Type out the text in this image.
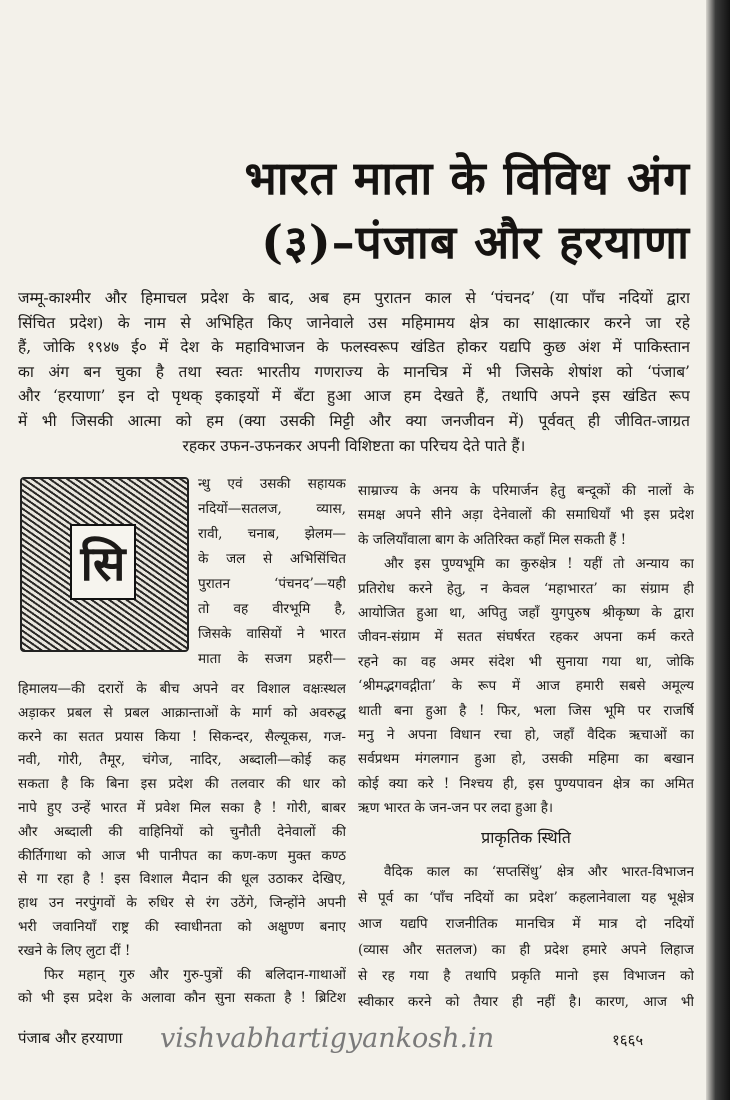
भारत माता के विविध अंग
(३)–पंजाब और हरयाणा
जम्मू-काश्मीर और हिमाचल प्रदेश के बाद, अब हम पुरातन काल से ‘पंचनद’ (या पाँच नदियों द्वारा
सिंचित प्रदेश) के नाम से अभिहित किए जानेवाले उस महिमामय क्षेत्र का साक्षात्कार करने जा रहे
हैं, जोकि १९४७ ई० में देश के महाविभाजन के फलस्वरूप खंडित होकर यद्यपि कुछ अंश में पाकिस्तान
का अंग बन चुका है तथा स्वतः भारतीय गणराज्य के मानचित्र में भी जिसके शेषांश को ‘पंजाब’
और ‘हरयाणा’ इन दो पृथक् इकाइयों में बँटा हुआ आज हम देखते हैं, तथापि अपने इस खंडित रूप
में भी जिसकी आत्मा को हम (क्या उसकी मिट्टी और क्या जनजीवन में) पूर्ववत् ही जीवित-जाग्रत
रहकर उफन-उफनकर अपनी विशिष्टता का परिचय देते पाते हैं।
सि
न्धु एवं उसकी सहायक
नदियों—सतलज, व्यास,
रावी, चनाब, झेलम—
के जल से अभिसिंचित
पुरातन ‘पंचनद’—यही
तो वह वीरभूमि है,
जिसके वासियों ने भारत
माता के सजग प्रहरी—
हिमालय—की दरारों के बीच अपने वर विशाल वक्षःस्थल
अड़ाकर प्रबल से प्रबल आक्रान्ताओं के मार्ग को अवरुद्ध
करने का सतत प्रयास किया ! सिकन्दर, सैल्यूकस, गज-
नवी, गोरी, तैमूर, चंगेज, नादिर, अब्दाली—कोई कह
सकता है कि बिना इस प्रदेश की तलवार की धार को
नापे हुए उन्हें भारत में प्रवेश मिल सका है ! गोरी, बाबर
और अब्दाली की वाहिनियों को चुनौती देनेवालों की
कीर्तिगाथा को आज भी पानीपत का कण-कण मुक्त कण्ठ
से गा रहा है ! इस विशाल मैदान की धूल उठाकर देखिए,
हाथ उन नरपुंगवों के रुधिर से रंग उठेंगे, जिन्होंने अपनी
भरी जवानियाँ राष्ट्र की स्वाधीनता को अक्षुण्ण बनाए
रखने के लिए लुटा दीं !
फिर महान् गुरु और गुरु-पुत्रों की बलिदान-गाथाओं
को भी इस प्रदेश के अलावा कौन सुना सकता है ! ब्रिटिश
साम्राज्य के अनय के परिमार्जन हेतु बन्दूकों की नालों के
समक्ष अपने सीने अड़ा देनेवालों की समाधियाँ भी इस प्रदेश
के जलियाँवाला बाग के अतिरिक्त कहाँ मिल सकती हैं !
और इस पुण्यभूमि का कुरुक्षेत्र ! यहीं तो अन्याय का
प्रतिरोध करने हेतु, न केवल ‘महाभारत’ का संग्राम ही
आयोजित हुआ था, अपितु जहाँ युगपुरुष श्रीकृष्ण के द्वारा
जीवन-संग्राम में सतत संघर्षरत रहकर अपना कर्म करते
रहने का वह अमर संदेश भी सुनाया गया था, जोकि
‘श्रीमद्भगवद्गीता’ के रूप में आज हमारी सबसे अमूल्य
थाती बना हुआ है ! फिर, भला जिस भूमि पर राजर्षि
मनु ने अपना विधान रचा हो, जहाँ वैदिक ऋचाओं का
सर्वप्रथम मंगलगान हुआ हो, उसकी महिमा का बखान
कोई क्या करे ! निश्चय ही, इस पुण्यपावन क्षेत्र का अमित
ऋण भारत के जन-जन पर लदा हुआ है।
प्राकृतिक स्थिति
वैदिक काल का ‘सप्तसिंधु’ क्षेत्र और भारत-विभाजन
से पूर्व का ‘पाँच नदियों का प्रदेश’ कहलानेवाला यह भूक्षेत्र
आज यद्यपि राजनीतिक मानचित्र में मात्र दो नदियों
(व्यास और सतलज) का ही प्रदेश हमारे अपने लिहाज
से रह गया है तथापि प्रकृति मानो इस विभाजन को
स्वीकार करने को तैयार ही नहीं है। कारण, आज भी
पंजाब और हरयाणा vishvabhartigyankosh.in	१६६५
